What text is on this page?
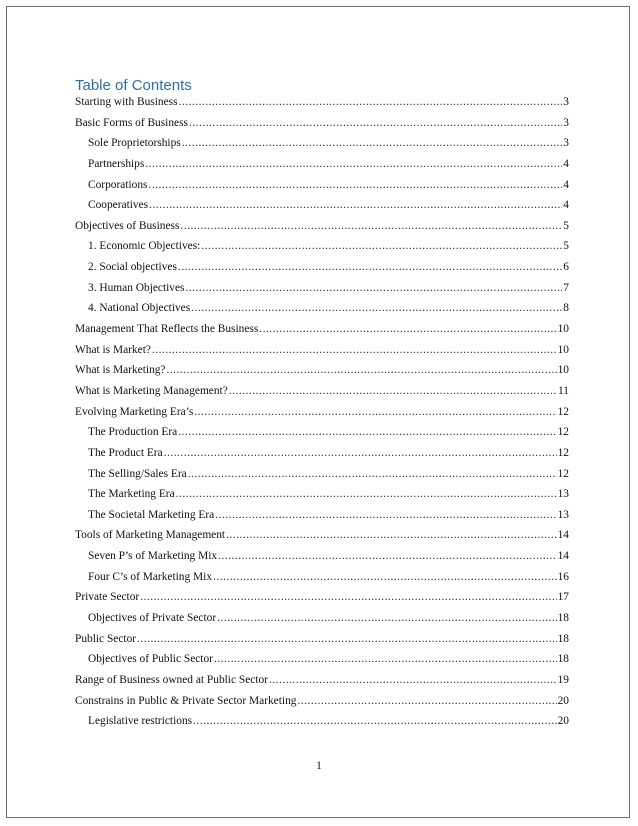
Table of Contents
Starting with Business .....	3
Basic Forms of Business .....	3
Sole Proprietorships .....	3
Partnerships .....	4
Corporations .....	4
Cooperatives .....	4
Objectives of Business .....	5
1. Economic Objectives: .....	5
2. Social objectives .....	6
3. Human Objectives .....	7
4. National Objectives .....	8
Management That Reflects the Business .....	10
What is Market? .....	10
What is Marketing? .....	10
What is Marketing Management? .....	11
Evolving Marketing Era’s .....	12
The Production Era .....	12
The Product Era .....	12
The Selling/Sales Era .....	12
The Marketing Era .....	13
The Societal Marketing Era .....	13
Tools of Marketing Management .....	14
Seven P’s of Marketing Mix .....	14
Four C’s of Marketing Mix .....	16
Private Sector .....	17
Objectives of Private Sector .....	18
Public Sector .....	18
Objectives of Public Sector .....	18
Range of Business owned at Public Sector .....	19
Constrains in Public & Private Sector Marketing .....	20
Legislative restrictions .....	20
1
